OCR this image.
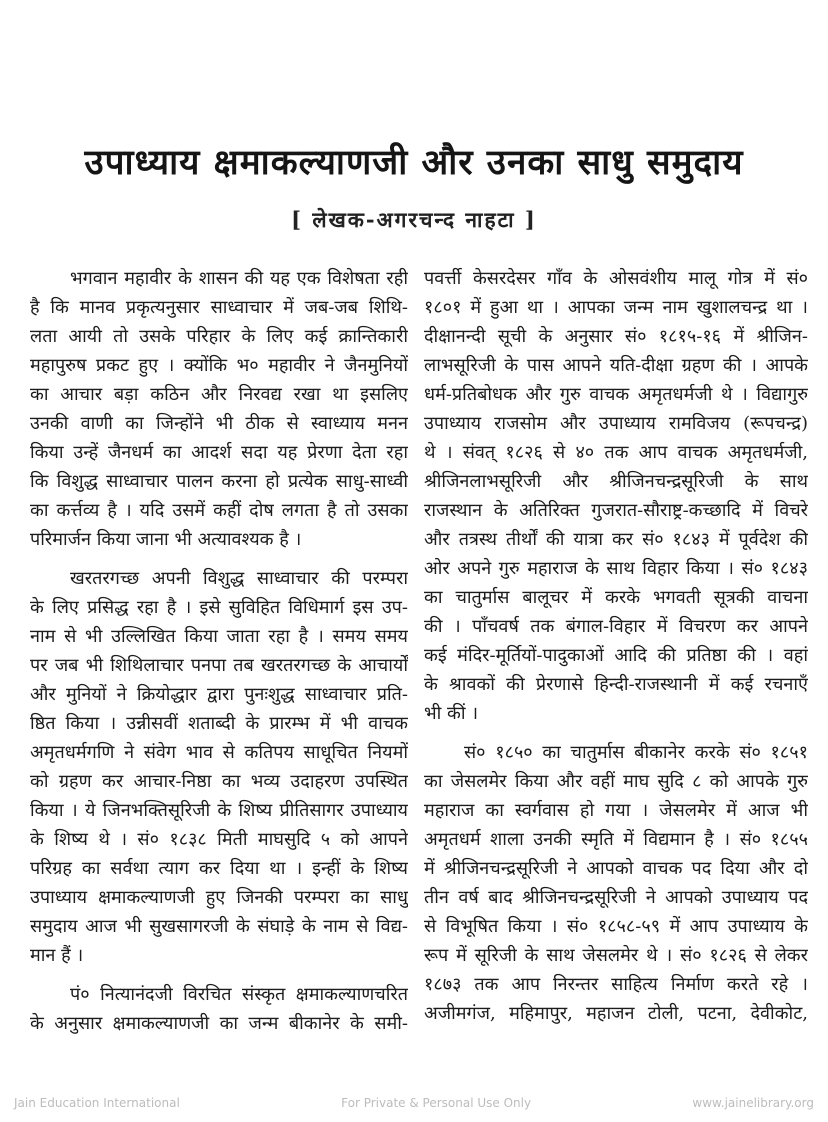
उपाध्याय क्षमाकल्याणजी और उनका साधु समुदाय
[ लेखक-अगरचन्द नाहटा ]
भगवान महावीर के शासन की यह एक विशेषता रही
है कि मानव प्रकृत्यनुसार साध्वाचार में जब-जब शिथि-
लता आयी तो उसके परिहार के लिए कई क्रान्तिकारी
महापुरुष प्रकट हुए । क्योंकि भ० महावीर ने जैनमुनियों
का आचार बड़ा कठिन और निरवद्य रखा था इसलिए
उनकी वाणी का जिन्होंने भी ठीक से स्वाध्याय मनन
किया उन्हें जैनधर्म का आदर्श सदा यह प्रेरणा देता रहा
कि विशुद्ध साध्वाचार पालन करना हो प्रत्येक साधु-साध्वी
का कर्त्तव्य है । यदि उसमें कहीं दोष लगता है तो उसका
परिमार्जन किया जाना भी अत्यावश्यक है ।
खरतरगच्छ अपनी विशुद्ध साध्वाचार की परम्परा
के लिए प्रसिद्ध रहा है । इसे सुविहित विधिमार्ग इस उप-
नाम से भी उल्लिखित किया जाता रहा है । समय समय
पर जब भी शिथिलाचार पनपा तब खरतरगच्छ के आचार्यों
और मुनियों ने क्रियोद्धार द्वारा पुनःशुद्ध साध्वाचार प्रति-
ष्ठित किया । उन्नीसवीं शताब्दी के प्रारम्भ में भी वाचक
अमृतधर्मगणि ने संवेग भाव से कतिपय साधूचित नियमों
को ग्रहण कर आचार-निष्ठा का भव्य उदाहरण उपस्थित
किया । ये जिनभक्तिसूरिजी के शिष्य प्रीतिसागर उपाध्याय
के शिष्य थे । सं० १८३८ मिती माघसुदि ५ को आपने
परिग्रह का सर्वथा त्याग कर दिया था । इन्हीं के शिष्य
उपाध्याय क्षमाकल्याणजी हुए जिनकी परम्परा का साधु
समुदाय आज भी सुखसागरजी के संघाड़े के नाम से विद्य-
मान हैं ।
पं० नित्यानंदजी विरचित संस्कृत क्षमाकल्याणचरित
के अनुसार क्षमाकल्याणजी का जन्म बीकानेर के समी-
पवर्त्ती केसरदेसर गाँव के ओसवंशीय मालू गोत्र में सं०
१८०१ में हुआ था । आपका जन्म नाम खुशालचन्द्र था ।
दीक्षानन्दी सूची के अनुसार सं० १८१५-१६ में श्रीजिन-
लाभसूरिजी के पास आपने यति-दीक्षा ग्रहण की । आपके
धर्म-प्रतिबोधक और गुरु वाचक अमृतधर्मजी थे । विद्यागुरु
उपाध्याय राजसोम और उपाध्याय रामविजय (रूपचन्द्र)
थे । संवत् १८२६ से ४० तक आप वाचक अमृतधर्मजी,
श्रीजिनलाभसूरिजी और श्रीजिनचन्द्रसूरिजी के साथ
राजस्थान के अतिरिक्त गुजरात-सौराष्ट्र-कच्छादि में विचरे
और तत्रस्थ तीर्थों की यात्रा कर सं० १८४३ में पूर्वदेश की
ओर अपने गुरु महाराज के साथ विहार किया । सं० १८४३
का चातुर्मास बालूचर में करके भगवती सूत्रकी वाचना
की । पाँचवर्ष तक बंगाल-विहार में विचरण कर आपने
कई मंदिर-मूर्तियों-पादुकाओं आदि की प्रतिष्ठा की । वहां
के श्रावकों की प्रेरणासे हिन्दी-राजस्थानी में कई रचनाएँ
भी कीं ।
सं० १८५० का चातुर्मास बीकानेर करके सं० १८५१
का जेसलमेर किया और वहीं माघ सुदि ८ को आपके गुरु
महाराज का स्वर्गवास हो गया । जेसलमेर में आज भी
अमृतधर्म शाला उनकी स्मृति में विद्यमान है । सं० १८५५
में श्रीजिनचन्द्रसूरिजी ने आपको वाचक पद दिया और दो
तीन वर्ष बाद श्रीजिनचन्द्रसूरिजी ने आपको उपाध्याय पद
से विभूषित किया । सं० १८५८-५९ में आप उपाध्याय के
रूप में सूरिजी के साथ जेसलमेर थे । सं० १८२६ से लेकर
१८७३ तक आप निरन्तर साहित्य निर्माण करते रहे ।
अजीमगंज, महिमापुर, महाजन टोली, पटना, देवीकोट,
Jain Education International	For Private & Personal Use Only	www.jainelibrary.org
